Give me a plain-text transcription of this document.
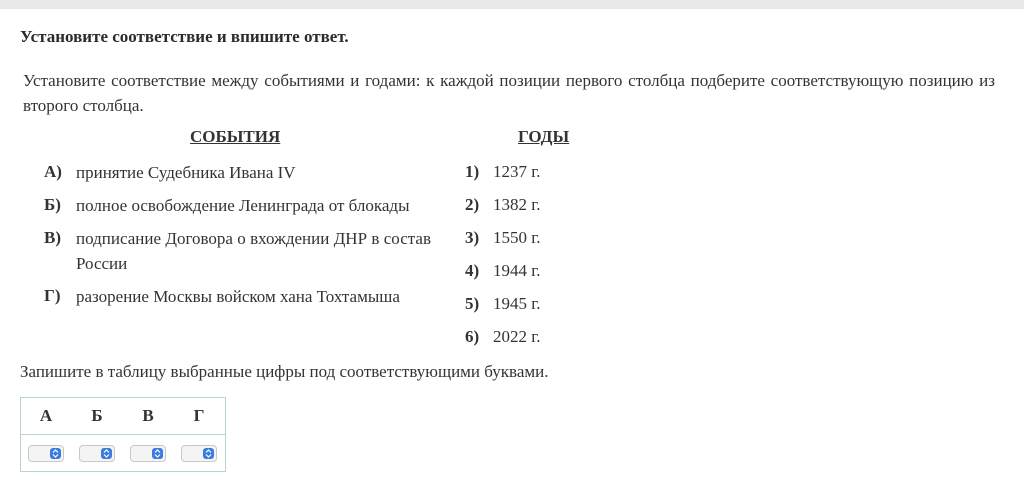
Установите соответствие и впишите ответ.
Установите соответствие между событиями и годами: к каждой позиции первого столбца подберите соответствующую позицию из второго столбца.
СОБЫТИЯ	ГОДЫ
А) принятие Судебника Ивана IV
Б) полное освобождение Ленинграда от блокады
В) подписание Договора о вхождении ДНР в состав России
Г) разорение Москвы войском хана Тохтамыша
1) 1237 г.
2) 1382 г.
3) 1550 г.
4) 1944 г.
5) 1945 г.
6) 2022 г.
Запишите в таблицу выбранные цифры под соответствующими буквами.
А	Б	В	Г
